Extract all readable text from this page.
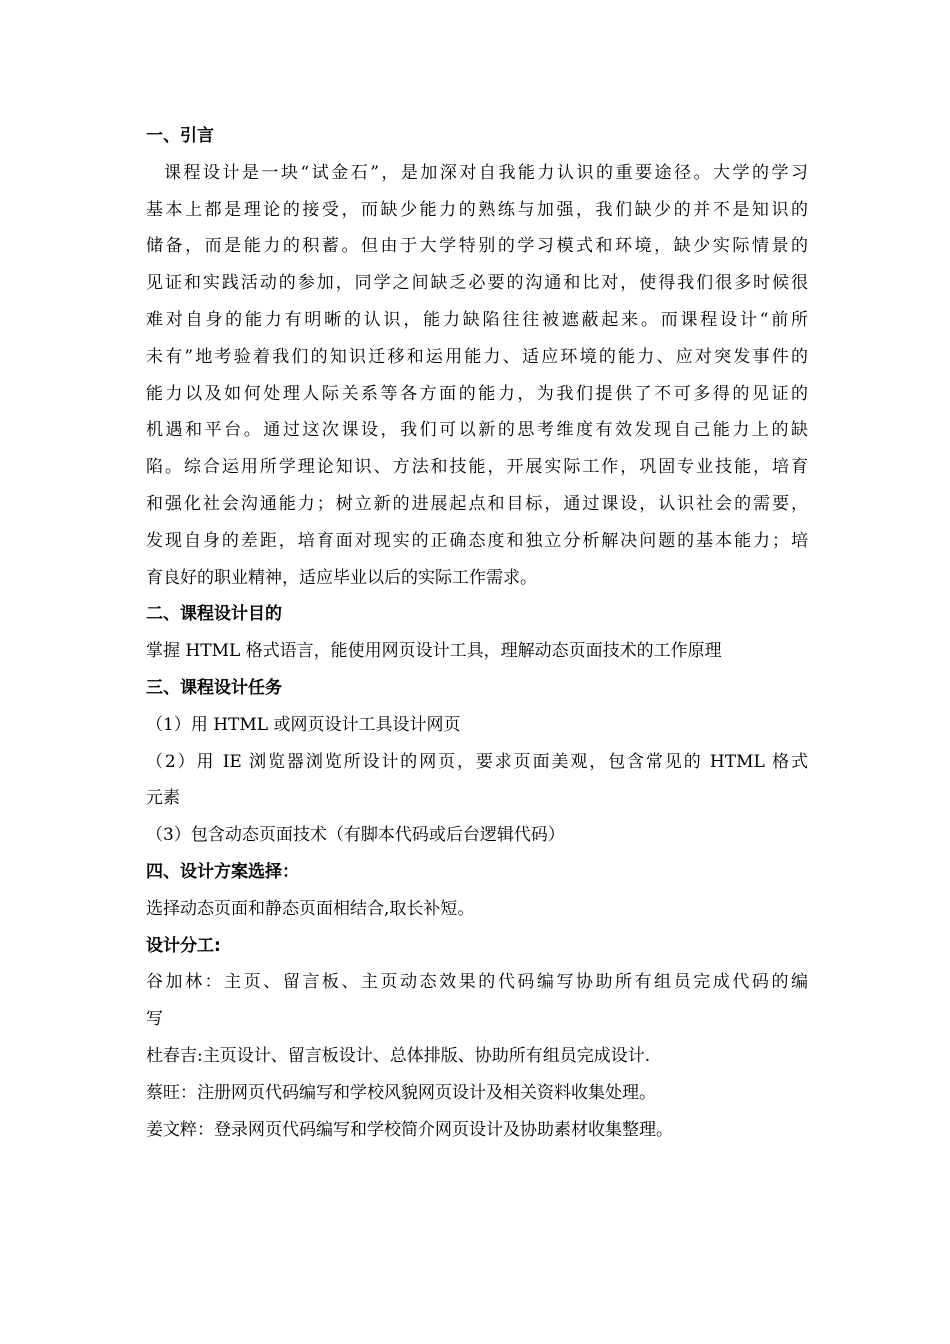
一、引言
课程设计是一块“试金石”，是加深对自我能力认识的重要途径。大学的学习
基本上都是理论的接受，而缺少能力的熟练与加强，我们缺少的并不是知识的
储备，而是能力的积蓄。但由于大学特别的学习模式和环境，缺少实际情景的
见证和实践活动的参加，同学之间缺乏必要的沟通和比对，使得我们很多时候很
难对自身的能力有明晰的认识，能力缺陷往往被遮蔽起来。而课程设计“前所
未有”地考验着我们的知识迁移和运用能力、适应环境的能力、应对突发事件的
能力以及如何处理人际关系等各方面的能力，为我们提供了不可多得的见证的
机遇和平台。通过这次课设，我们可以新的思考维度有效发现自己能力上的缺
陷。综合运用所学理论知识、方法和技能，开展实际工作，巩固专业技能，培育
和强化社会沟通能力；树立新的进展起点和目标，通过课设，认识社会的需要，
发现自身的差距，培育面对现实的正确态度和独立分析解决问题的基本能力；培
育良好的职业精神，适应毕业以后的实际工作需求。
二、课程设计目的
掌握 HTML 格式语言，能使用网页设计工具，理解动态页面技术的工作原理
三、课程设计任务
（1）用 HTML 或网页设计工具设计网页
（2）用 IE 浏览器浏览所设计的网页，要求页面美观，包含常见的 HTML 格式
元素
（3）包含动态页面技术（有脚本代码或后台逻辑代码）
四、设计方案选择：
选择动态页面和静态页面相结合,取长补短。
设计分工:
谷加林：主页、留言板、主页动态效果的代码编写协助所有组员完成代码的编
写
杜春吉:主页设计、留言板设计、总体排版、协助所有组员完成设计.
蔡旺：注册网页代码编写和学校风貌网页设计及相关资料收集处理。
姜文粹：登录网页代码编写和学校简介网页设计及协助素材收集整理。
